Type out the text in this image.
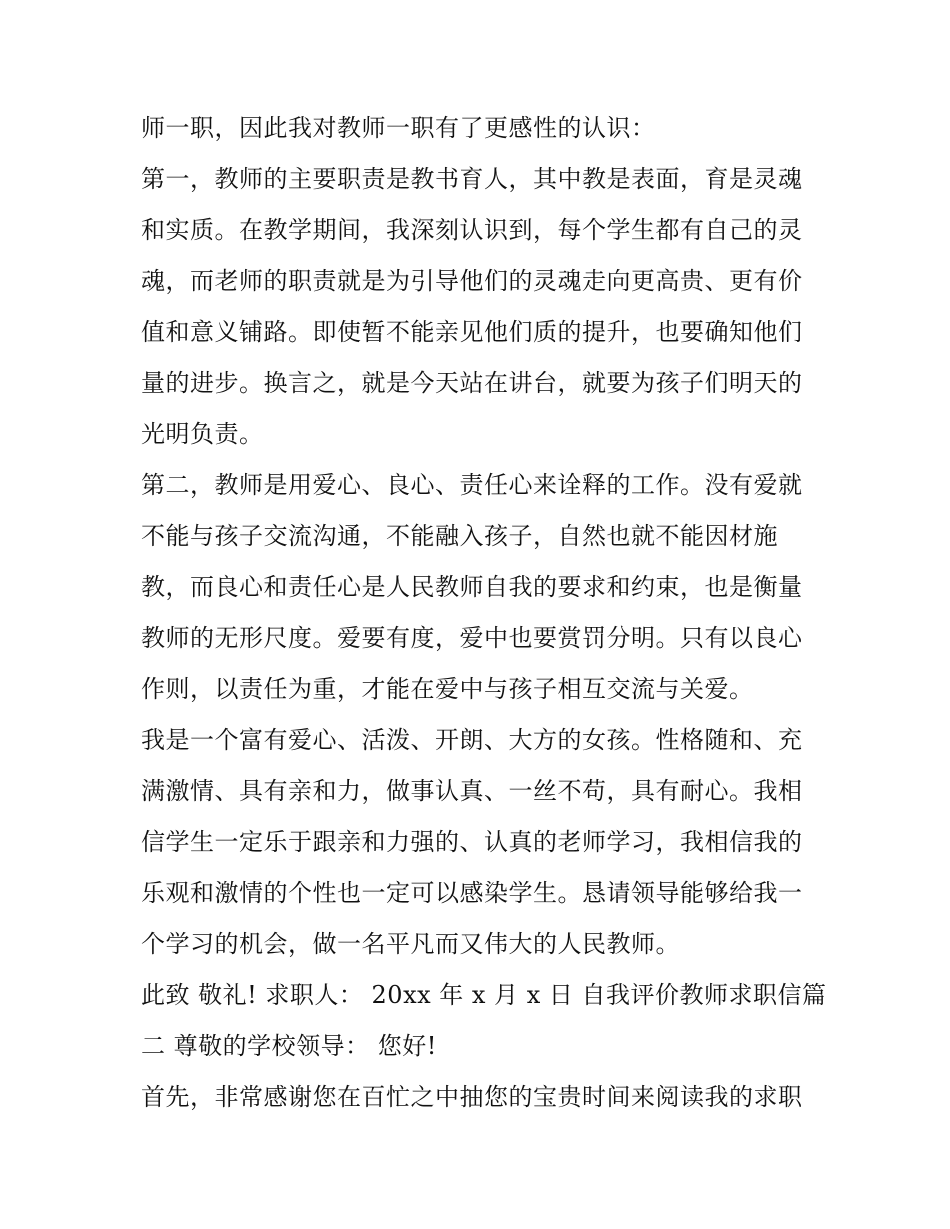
师一职，因此我对教师一职有了更感性的认识：
第一，教师的主要职责是教书育人，其中教是表面，育是灵魂
和实质。在教学期间，我深刻认识到，每个学生都有自己的灵
魂，而老师的职责就是为引导他们的灵魂走向更高贵、更有价
值和意义铺路。即使暂不能亲见他们质的提升，也要确知他们
量的进步。换言之，就是今天站在讲台，就要为孩子们明天的
光明负责。
第二，教师是用爱心、良心、责任心来诠释的工作。没有爱就
不能与孩子交流沟通，不能融入孩子，自然也就不能因材施
教，而良心和责任心是人民教师自我的要求和约束，也是衡量
教师的无形尺度。爱要有度，爱中也要赏罚分明。只有以良心
作则，以责任为重，才能在爱中与孩子相互交流与关爱。
我是一个富有爱心、活泼、开朗、大方的女孩。性格随和、充
满激情、具有亲和力，做事认真、一丝不苟，具有耐心。我相
信学生一定乐于跟亲和力强的、认真的老师学习，我相信我的
乐观和激情的个性也一定可以感染学生。恳请领导能够给我一
个学习的机会，做一名平凡而又伟大的人民教师。
此致 敬礼! 求职人： 20xx 年 x 月 x 日 自我评价教师求职信篇
二 尊敬的学校领导： 您好!
首先，非常感谢您在百忙之中抽您的宝贵时间来阅读我的求职
